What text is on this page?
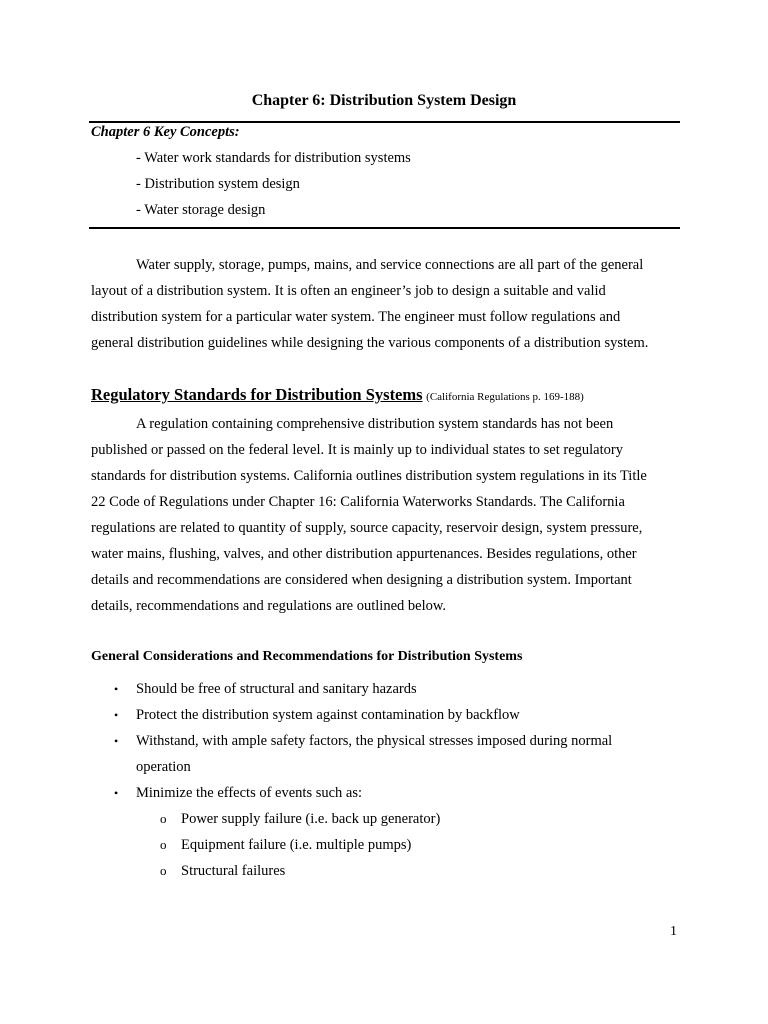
Chapter 6: Distribution System Design
Chapter 6 Key Concepts:
- Water work standards for distribution systems
- Distribution system design
- Water storage design

Water supply, storage, pumps, mains, and service connections are all part of the general
layout of a distribution system. It is often an engineer’s job to design a suitable and valid
distribution system for a particular water system. The engineer must follow regulations and
general distribution guidelines while designing the various components of a distribution system.

Regulatory Standards for Distribution Systems (California Regulations p. 169-188)

A regulation containing comprehensive distribution system standards has not been
published or passed on the federal level. It is mainly up to individual states to set regulatory
standards for distribution systems. California outlines distribution system regulations in its Title
22 Code of Regulations under Chapter 16: California Waterworks Standards. The California
regulations are related to quantity of supply, source capacity, reservoir design, system pressure,
water mains, flushing, valves, and other distribution appurtenances. Besides regulations, other
details and recommendations are considered when designing a distribution system. Important
details, recommendations and regulations are outlined below.

General Considerations and Recommendations for Distribution Systems
• Should be free of structural and sanitary hazards
• Protect the distribution system against contamination by backflow
• Withstand, with ample safety factors, the physical stresses imposed during normal
operation
• Minimize the effects of events such as:
o Power supply failure (i.e. back up generator)
o Equipment failure (i.e. multiple pumps)
o Structural failures
1
